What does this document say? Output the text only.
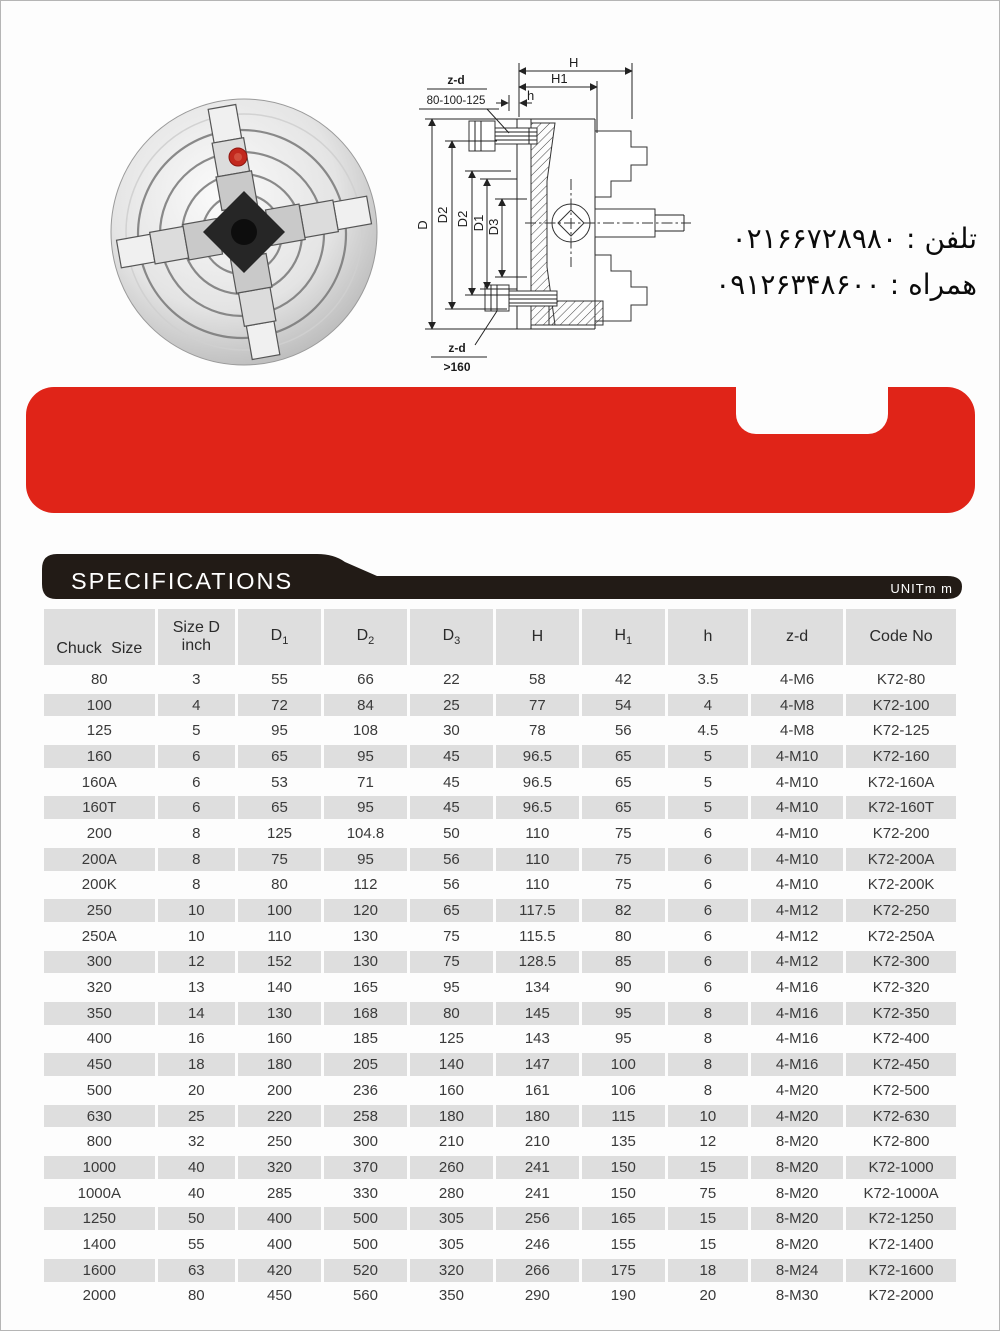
H
H1
h
z-d
80-100-125
z-d
>160
D
D2 D2 D1 D3	تلفن
:
۰۲۱۶۶۷۲۸۹۸۰
همراه
:
۰۹۱۲۶۳۴۸۶۰۰
SPECIFICATIONS	UNITm m
Chuck Size	Size D
inch	$D_1$	$D_2$	$D_3$	H	$H_1$	h	z-d	Code No
80	3	55	66	22	58	42	3.5	4-M6	K72-80
100	4	72	84	25	77	54	4	4-M8	K72-100
125	5	95	108	30	78	56	4.5	4-M8	K72-125
160	6	65	95	45	96.5	65	5	4-M10	K72-160
160A	6	53	71	45	96.5	65	5	4-M10	K72-160A
160T	6	65	95	45	96.5	65	5	4-M10	K72-160T
200	8	125	104.8	50	110	75	6	4-M10	K72-200
200A	8	75	95	56	110	75	6	4-M10	K72-200A
200K	8	80	112	56	110	75	6	4-M10	K72-200K
250	10	100	120	65	117.5	82	6	4-M12	K72-250
250A	10	110	130	75	115.5	80	6	4-M12	K72-250A
300	12	152	130	75	128.5	85	6	4-M12	K72-300
320	13	140	165	95	134	90	6	4-M16	K72-320
350	14	130	168	80	145	95	8	4-M16	K72-350
400	16	160	185	125	143	95	8	4-M16	K72-400
450	18	180	205	140	147	100	8	4-M16	K72-450
500	20	200	236	160	161	106	8	4-M20	K72-500
630	25	220	258	180	180	115	10	4-M20	K72-630
800	32	250	300	210	210	135	12	8-M20	K72-800
1000	40	320	370	260	241	150	15	8-M20	K72-1000
1000A	40	285	330	280	241	150	75	8-M20	K72-1000A
1250	50	400	500	305	256	165	15	8-M20	K72-1250
1400	55	400	500	305	246	155	15	8-M20	K72-1400
1600	63	420	520	320	266	175	18	8-M24	K72-1600
2000	80	450	560	350	290	190	20	8-M30	K72-2000
